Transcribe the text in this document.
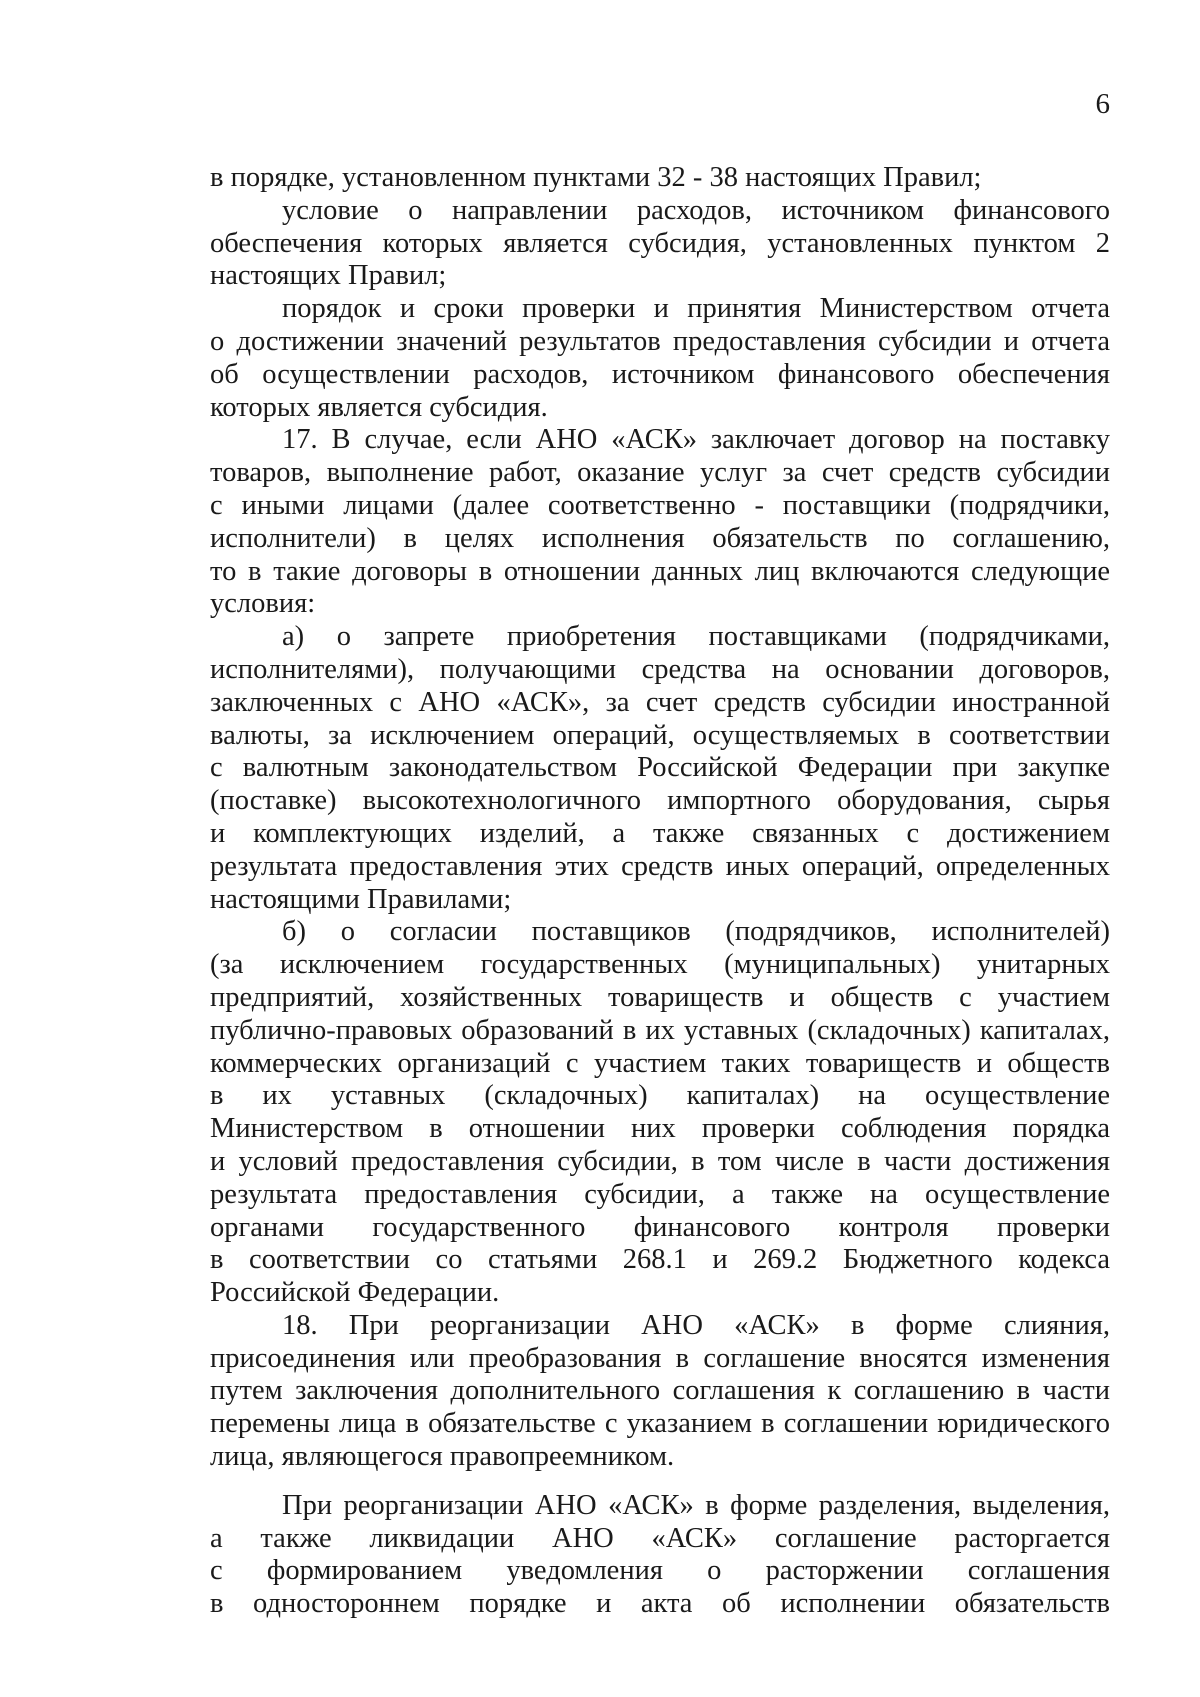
6
в порядке, установленном пунктами 32 - 38 настоящих Правил;
условие о направлении расходов, источником финансового
обеспечения которых является субсидия, установленных пунктом 2
настоящих Правил;
порядок и сроки проверки и принятия Министерством отчета
о достижении значений результатов предоставления субсидии и отчета
об осуществлении расходов, источником финансового обеспечения
которых является субсидия.
17. В случае, если АНО «АСК» заключает договор на поставку
товаров, выполнение работ, оказание услуг за счет средств субсидии
с иными лицами (далее соответственно - поставщики (подрядчики,
исполнители) в целях исполнения обязательств по соглашению,
то в такие договоры в отношении данных лиц включаются следующие
условия:
а) о запрете приобретения поставщиками (подрядчиками,
исполнителями), получающими средства на основании договоров,
заключенных с АНО «АСК», за счет средств субсидии иностранной
валюты, за исключением операций, осуществляемых в соответствии
с валютным законодательством Российской Федерации при закупке
(поставке) высокотехнологичного импортного оборудования, сырья
и комплектующих изделий, а также связанных с достижением
результата предоставления этих средств иных операций, определенных
настоящими Правилами;
б) о согласии поставщиков (подрядчиков, исполнителей)
(за исключением государственных (муниципальных) унитарных
предприятий, хозяйственных товариществ и обществ с участием
публично-правовых образований в их уставных (складочных) капиталах,
коммерческих организаций с участием таких товариществ и обществ
в их уставных (складочных) капиталах) на осуществление
Министерством в отношении них проверки соблюдения порядка
и условий предоставления субсидии, в том числе в части достижения
результата предоставления субсидии, а также на осуществление
органами государственного финансового контроля проверки
в соответствии со статьями 268.1 и 269.2 Бюджетного кодекса
Российской Федерации.
18. При реорганизации АНО «АСК» в форме слияния,
присоединения или преобразования в соглашение вносятся изменения
путем заключения дополнительного соглашения к соглашению в части
перемены лица в обязательстве с указанием в соглашении юридического
лица, являющегося правопреемником.
При реорганизации АНО «АСК» в форме разделения, выделения,
а также ликвидации АНО «АСК» соглашение расторгается
с формированием уведомления о расторжении соглашения
в одностороннем порядке и акта об исполнении обязательств
